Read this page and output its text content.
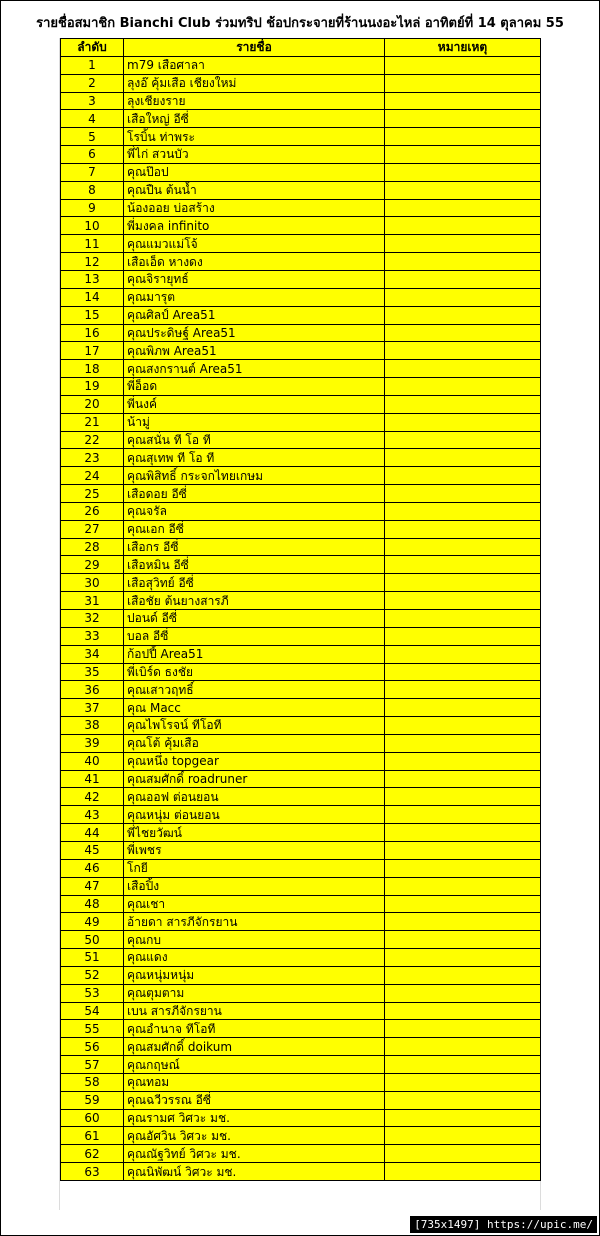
รายชื่อสมาชิก Bianchi Club ร่วมทริป ช้อปกระจายที่ร้านนงอะไหล่ อาทิตย์ที่ 14 ตุลาคม 55
ลำดับ	รายชื่อ	หมายเหตุ
1	m79 เสือศาลา	
2	ลุงอ๊ คุ้มเสือ เชียงใหม่	
3	ลุงเชียงราย	
4	เสือใหญ่ อีซี่	
5	โรบิ้น ท่าพระ	
6	พี่ไก่ สวนบัว	
7	คุณป๊อป	
8	คุณปืน ต้นน้ำ	
9	น้องออย บ่อสร้าง	
10	พี่มงคล infinito	
11	คุณแมวแม่โจ้	
12	เสือเอ็ด หางดง	
13	คุณจิรายุทธ์	
14	คุณมารุต	
15	คุณศิลป์ Area51	
16	คุณประดิษฐ์ Area51	
17	คุณพิภพ Area51	
18	คุณสงกรานต์ Area51	
19	พี่อ็อด	
20	พี่นงค์	
21	น้ามู่	
22	คุณสนั่น ที โอ ที	
23	คุณสุเทพ ที โอ ที	
24	คุณพิสิทธิ์ กระจกไทยเกษม	
25	เสือดอย อีซี่	
26	คุณจรัล	
27	คุณเอก อีซี่	
28	เสือกร อีซี่	
29	เสือหมิน อีซี่	
30	เสือสุวิทย์ อีซี่	
31	เสือชัย ต้นยางสารภี	
32	ปอนด์ อีซี่	
33	บอล อีซี่	
34	ก้อปปี้ Area51	
35	พี่เบิร์ด ธงชัย	
36	คุณเสาวฤทธิ์	
37	คุณ Macc	
38	คุณไพโรจน์ ทีโอที	
39	คุณโต้ คุ้มเสือ	
40	คุณหนึ่ง topgear	
41	คุณสมศักดิ์ roadruner	
42	คุณออฟ ต่อนยอน	
43	คุณหนุ่ม ต่อนยอน	
44	พี่ไชยวัฒน์	
45	พี่เพชร	
46	โกยี	
47	เสือปิ้ง	
48	คุณเชา	
49	อ้ายดา สารภีจักรยาน	
50	คุณกบ	
51	คุณแดง	
52	คุณหนุ่มหนุ่ม	
53	คุณตุมตาม	
54	เบน สารภีจักรยาน	
55	คุณอำนาจ ทีโอที	
56	คุณสมศักดิ์ doikum	
57	คุณกฤษณ์	
58	คุณทอม	
59	คุณฉวีวรรณ อีซี่	
60	คุณรามศ วิศวะ มช.	
61	คุณอัศวิน วิศวะ มช.	
62	คุณณัฐวิทย์ วิศวะ มช.	
63	คุณนิพัฒน์ วิศวะ มช.	
[735x1497] https://upic.me/
